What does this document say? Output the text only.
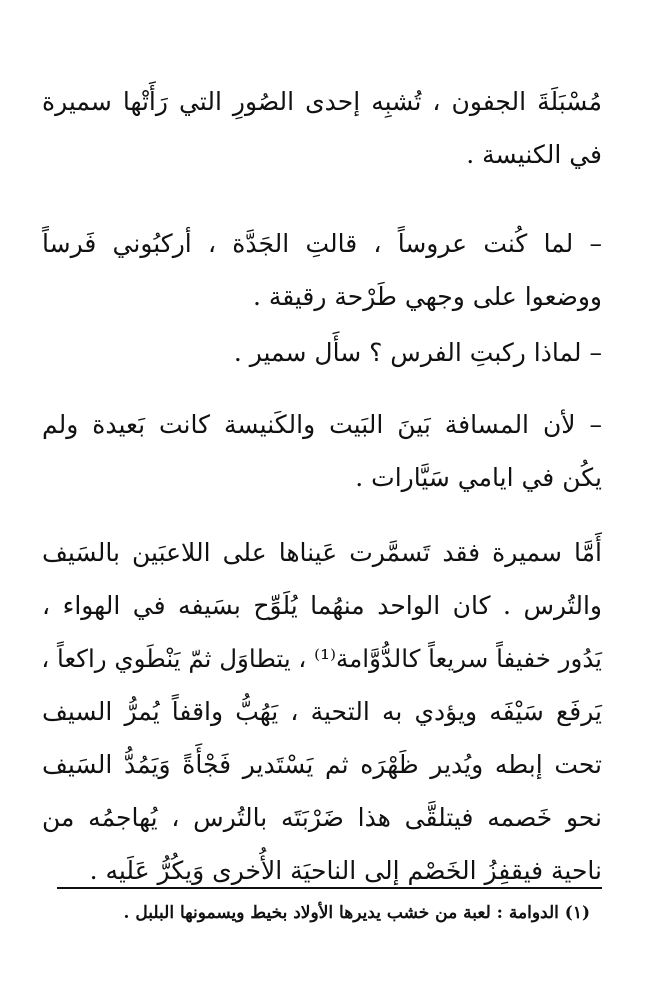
مُسْبَلَةَ الجفون ، تُشبِه إحدى الصُورِ التي رَأَتْها سميرة
في الكنيسة .
– لما كُنت عروساً ، قالتِ الجَدَّة ، أركبُوني فَرساً
ووضعوا على وجهي طَرْحة رقيقة .
– لماذا ركبتِ الفرس ؟ سأَل سمير .
– لأن المسافة بَينَ البَيت والكَنيسة كانت بَعيدة ولم
يكُن في ايامي سَيَّارات .
أَمَّا سميرة فقد تَسمَّرت عَيناها على اللاعبَين بالسَيف
والتُرس . كان الواحد منهُما يُلَوِّح بسَيفه في الهواء ،
يَدُور خفيفاً سريعاً كالدُّوَّامة⁽¹⁾ ، يتطاوَل ثمّ يَنْطَوي راكعاً ،
يَرفَع سَيْفَه ويؤدي به التحية ، يَهُبُّ واقفاً يُمرُّ السيف
تحت إبطه ويُدير ظَهْرَه ثم يَسْتَدير فَجْأَةً وَيَمُدُّ السَيف
نحو خَصمه فيتلقَّى هذا ضَرْبَتَه بالتُرس ، يُهاجمُه من
ناحية فيقفِزُ الخَصْم إلى الناحيَة الأُخرى وَيكُرُّ عَلَيه .
(١) الدوامة : لعبة من خشب يديرها الأولاد بخيط ويسمونها البلبل .
